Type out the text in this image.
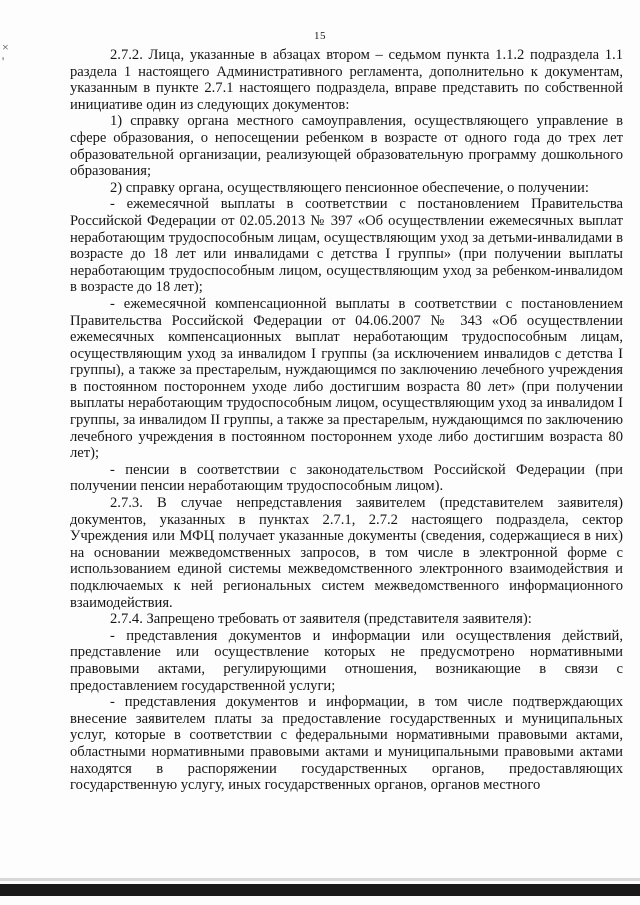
×
'
15

2.7.2. Лица, указанные в абзацах втором – седьмом пункта 1.1.2 подраздела 1.1 раздела 1 настоящего Административного регламента, дополнительно к документам, указанным в пункте 2.7.1 настоящего подраздела, вправе представить по собственной инициативе один из следующих документов:

1) справку органа местного самоуправления, осуществляющего управление в сфере образования, о непосещении ребенком в возрасте от одного года до трех лет образовательной организации, реализующей образовательную программу дошкольного образования;

2) справку органа, осуществляющего пенсионное обеспечение, о получении:

- ежемесячной выплаты в соответствии с постановлением Правительства Российской Федерации от 02.05.2013 № 397 «Об осуществлении ежемесячных выплат неработающим трудоспособным лицам, осуществляющим уход за детьми-инвалидами в возрасте до 18 лет или инвалидами с детства I группы» (при получении выплаты неработающим трудоспособным лицом, осуществляющим уход за ребенком-инвалидом в возрасте до 18 лет);

- ежемесячной компенсационной выплаты в соответствии с постановлением Правительства Российской Федерации от 04.06.2007 № 343 «Об осуществлении ежемесячных компенсационных выплат неработающим трудоспособным лицам, осуществляющим уход за инвалидом I группы (за исключением инвалидов с детства I группы), а также за престарелым, нуждающимся по заключению лечебного учреждения в постоянном постороннем уходе либо достигшим возраста 80 лет» (при получении выплаты неработающим трудоспособным лицом, осуществляющим уход за инвалидом I группы, за инвалидом II группы, а также за престарелым, нуждающимся по заключению лечебного учреждения в постоянном постороннем уходе либо достигшим возраста 80 лет);

- пенсии в соответствии с законодательством Российской Федерации (при получении пенсии неработающим трудоспособным лицом).

2.7.3. В случае непредставления заявителем (представителем заявителя) документов, указанных в пунктах 2.7.1, 2.7.2 настоящего подраздела, сектор Учреждения или МФЦ получает указанные документы (сведения, содержащиеся в них) на основании межведомственных запросов, в том числе в электронной форме с использованием единой системы межведомственного электронного взаимодействия и подключаемых к ней региональных систем межведомственного информационного взаимодействия.

2.7.4. Запрещено требовать от заявителя (представителя заявителя):

- представления документов и информации или осуществления действий, представление или осуществление которых не предусмотрено нормативными правовыми актами, регулирующими отношения, возникающие в связи с предоставлением государственной услуги;

- представления документов и информации, в том числе подтверждающих внесение заявителем платы за предоставление государственных и муниципальных услуг, которые в соответствии с федеральными нормативными правовыми актами, областными нормативными правовыми актами и муниципальными правовыми актами находятся в распоряжении государственных органов, предоставляющих государственную услугу, иных государственных органов, органов местного
